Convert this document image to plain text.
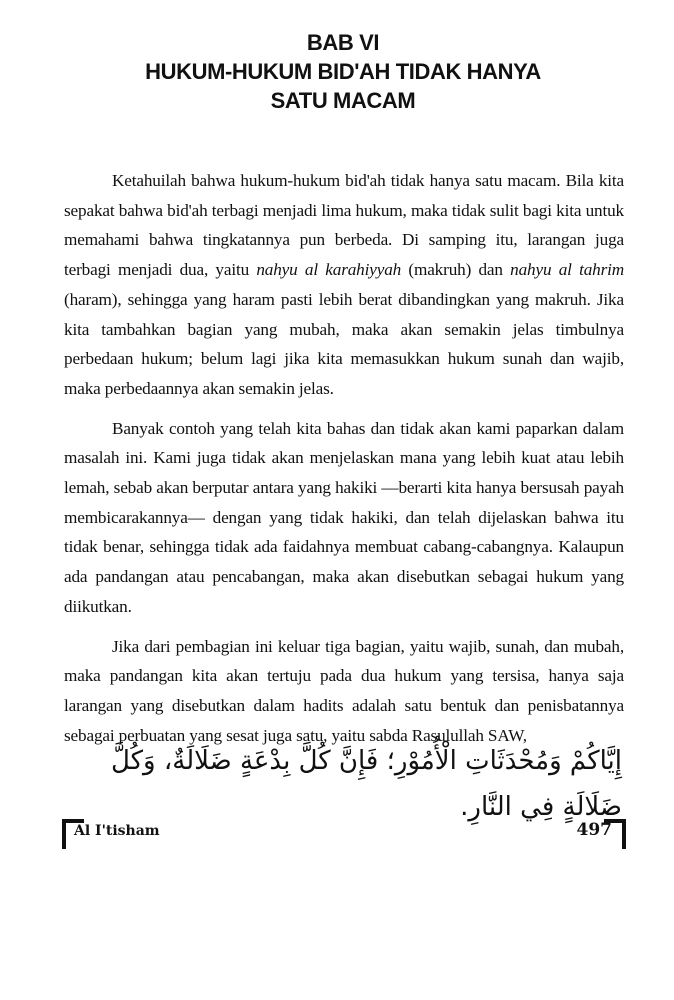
BAB VI
HUKUM-HUKUM BID'AH TIDAK HANYA
SATU MACAM

Ketahuilah bahwa hukum-hukum bid'ah tidak hanya satu macam. Bila kita sepakat bahwa bid'ah terbagi menjadi lima hukum, maka tidak sulit bagi kita untuk memahami bahwa tingkatannya pun berbeda. Di samping itu, larangan juga terbagi menjadi dua, yaitu nahyu al karahiyyah (makruh) dan nahyu al tahrim (haram), sehingga yang haram pasti lebih berat dibandingkan yang makruh. Jika kita tambahkan bagian yang mubah, maka akan semakin jelas timbulnya perbedaan hukum; belum lagi jika kita memasukkan hukum sunah dan wajib, maka perbedaannya akan semakin jelas.

Banyak contoh yang telah kita bahas dan tidak akan kami paparkan dalam masalah ini. Kami juga tidak akan menjelaskan mana yang lebih kuat atau lebih lemah, sebab akan berputar antara yang hakiki —berarti kita hanya bersusah payah membicarakannya— dengan yang tidak hakiki, dan telah dijelaskan bahwa itu tidak benar, sehingga tidak ada faidahnya membuat cabang-cabangnya. Kalaupun ada pandangan atau pencabangan, maka akan disebutkan sebagai hukum yang diikutkan.

Jika dari pembagian ini keluar tiga bagian, yaitu wajib, sunah, dan mubah, maka pandangan kita akan tertuju pada dua hukum yang tersisa, hanya saja larangan yang disebutkan dalam hadits adalah satu bentuk dan penisbatannya sebagai perbuatan yang sesat juga satu, yaitu sabda Rasulullah SAW,

إِيَّاكُمْ وَمُحْدَثَاتِ الْأُمُوْرِ؛ فَإِنَّ كُلَّ بِدْعَةٍ ضَلَالَةٌ، وَكُلَّ ضَلَالَةٍ فِي النَّارِ.
Al I'tisham	497
